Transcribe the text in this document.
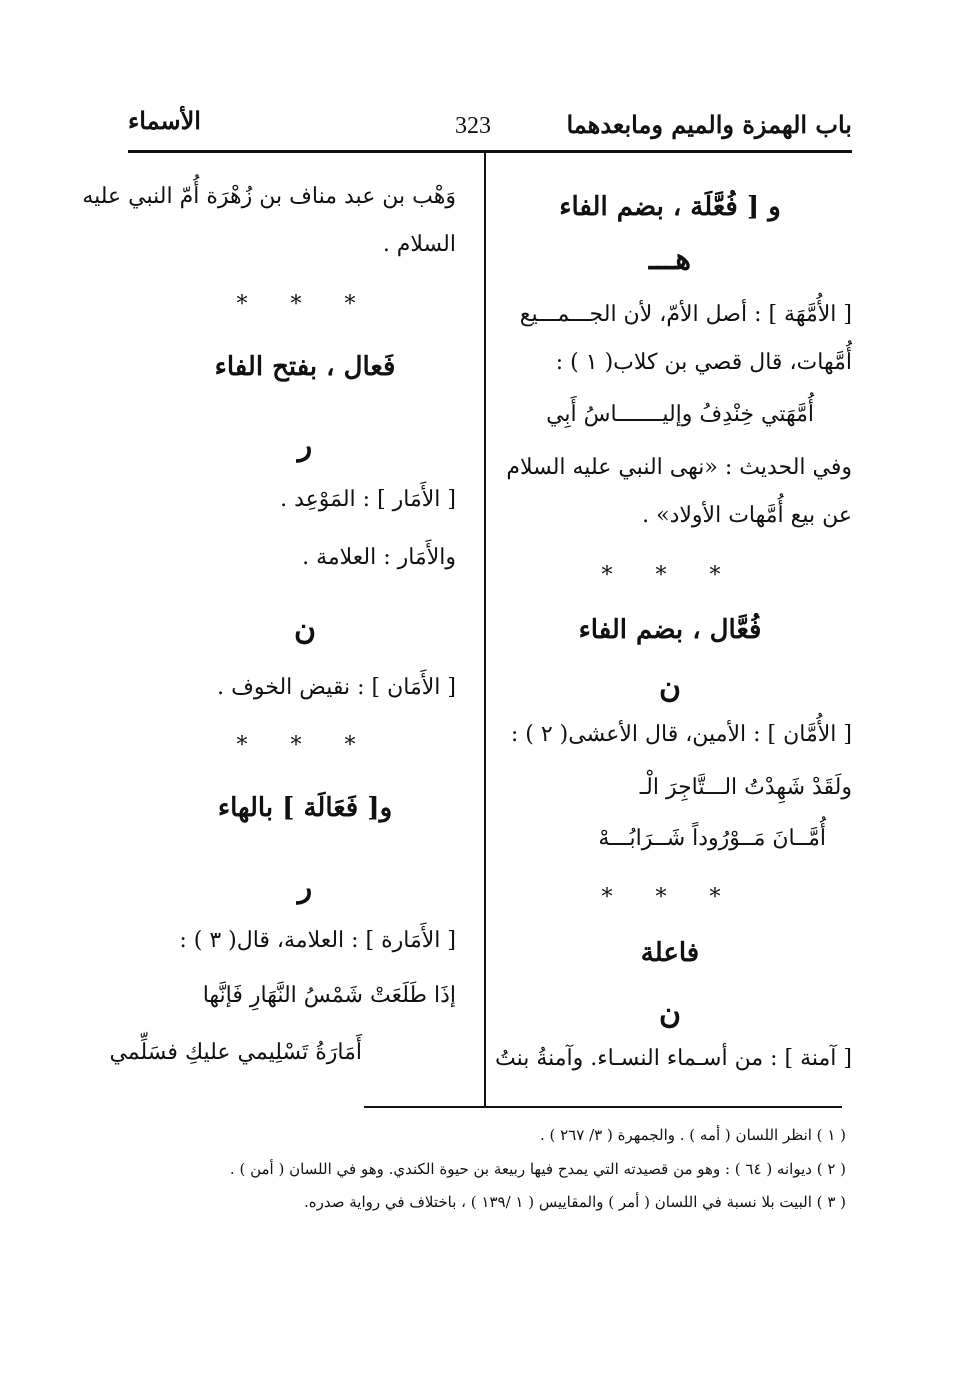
باب الهمزة والميم ومابعدهما
323
الأسماء
و [ فُعَّلَة ، بضم الفاء
هـــ
[ الأُمَّهَة ] : أصل الأمّ، لأن الجـــمـــيع
أُمَّهات، قال قصي بن كلاب( ١ ) :
أُمَّهَتي خِنْدِفُ وإليـــــــاسُ أَبِي
وفي الحديث : «نهى النبي عليه السلام
عن بيع أُمَّهات الأولاد» .
* * *
فُعَّال ، بضم الفاء
ن
[ الأُمَّان ] : الأمين، قال الأعشى( ٢ ) :
ولَقَدْ شَهِدْتُ الـــتَّاجِرَ الْـ
أُمَّــانَ مَــوْرُوداً شَــرَابُـــهْ
* * *
فاعلة
ن
[ آمنة ] : من أسـماء النسـاء. وآمنةُ بنتُ
وَهْب بن عبد مناف بن زُهْرَة أُمّ النبي عليه
السلام .
* * *
فَعال ، بفتح الفاء
ر
[ الأَمَار ] : المَوْعِد .
والأَمَار : العلامة .
ن
[ الأَمَان ] : نقيض الخوف .
* * *
و[ فَعَالَة ] بالهاء
ر
[ الأَمَارة ] : العلامة، قال( ٣ ) :
إذَا طَلَعَتْ شَمْسُ النَّهَارِ فَإنَّها
أَمَارَةُ تَسْلِيمي عليكِ فسَلِّمي
( ١ ) انظر اللسان ( أمه ) . والجمهرة ( ٣/ ٢٦٧ ) .
( ٢ ) ديوانه ( ٦٤ ) : وهو من قصيدته التي يمدح فيها ربيعة بن حيوة الكندي. وهو في اللسان ( أمن ) .
( ٣ ) البيت بلا نسبة في اللسان ( أمر ) والمقاييس ( ١ /١٣٩ ) ، باختلاف في رواية صدره.
